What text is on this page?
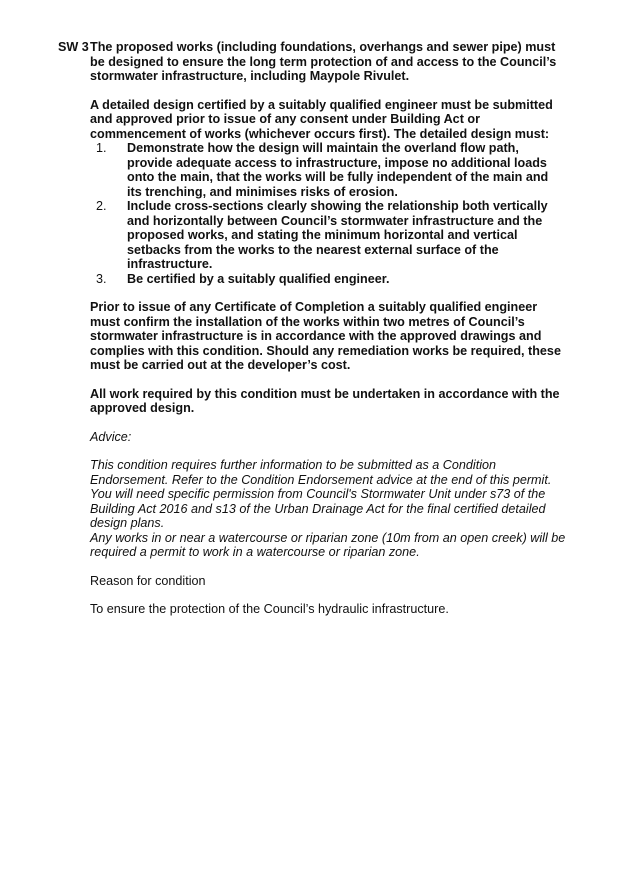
SW 3 The proposed works (including foundations, overhangs and sewer pipe) must be designed to ensure the long term protection of and access to the Council’s stormwater infrastructure, including Maypole Rivulet.

A detailed design certified by a suitably qualified engineer must be submitted and approved prior to issue of any consent under Building Act or commencement of works (whichever occurs first). The detailed design must:

1. Demonstrate how the design will maintain the overland flow path, provide adequate access to infrastructure, impose no additional loads onto the main, that the works will be fully independent of the main and its trenching, and minimises risks of erosion.
2. Include cross-sections clearly showing the relationship both vertically and horizontally between Council’s stormwater infrastructure and the proposed works, and stating the minimum horizontal and vertical setbacks from the works to the nearest external surface of the infrastructure.
3. Be certified by a suitably qualified engineer.

Prior to issue of any Certificate of Completion a suitably qualified engineer must confirm the installation of the works within two metres of Council’s stormwater infrastructure is in accordance with the approved drawings and complies with this condition. Should any remediation works be required, these must be carried out at the developer’s cost.

All work required by this condition must be undertaken in accordance with the approved design.

Advice:

This condition requires further information to be submitted as a Condition Endorsement. Refer to the Condition Endorsement advice at the end of this permit. You will need specific permission from Council's Stormwater Unit under s73 of the Building Act 2016 and s13 of the Urban Drainage Act for the final certified detailed design plans.

Any works in or near a watercourse or riparian zone (10m from an open creek) will be required a permit to work in a watercourse or riparian zone.

Reason for condition

To ensure the protection of the Council’s hydraulic infrastructure.
